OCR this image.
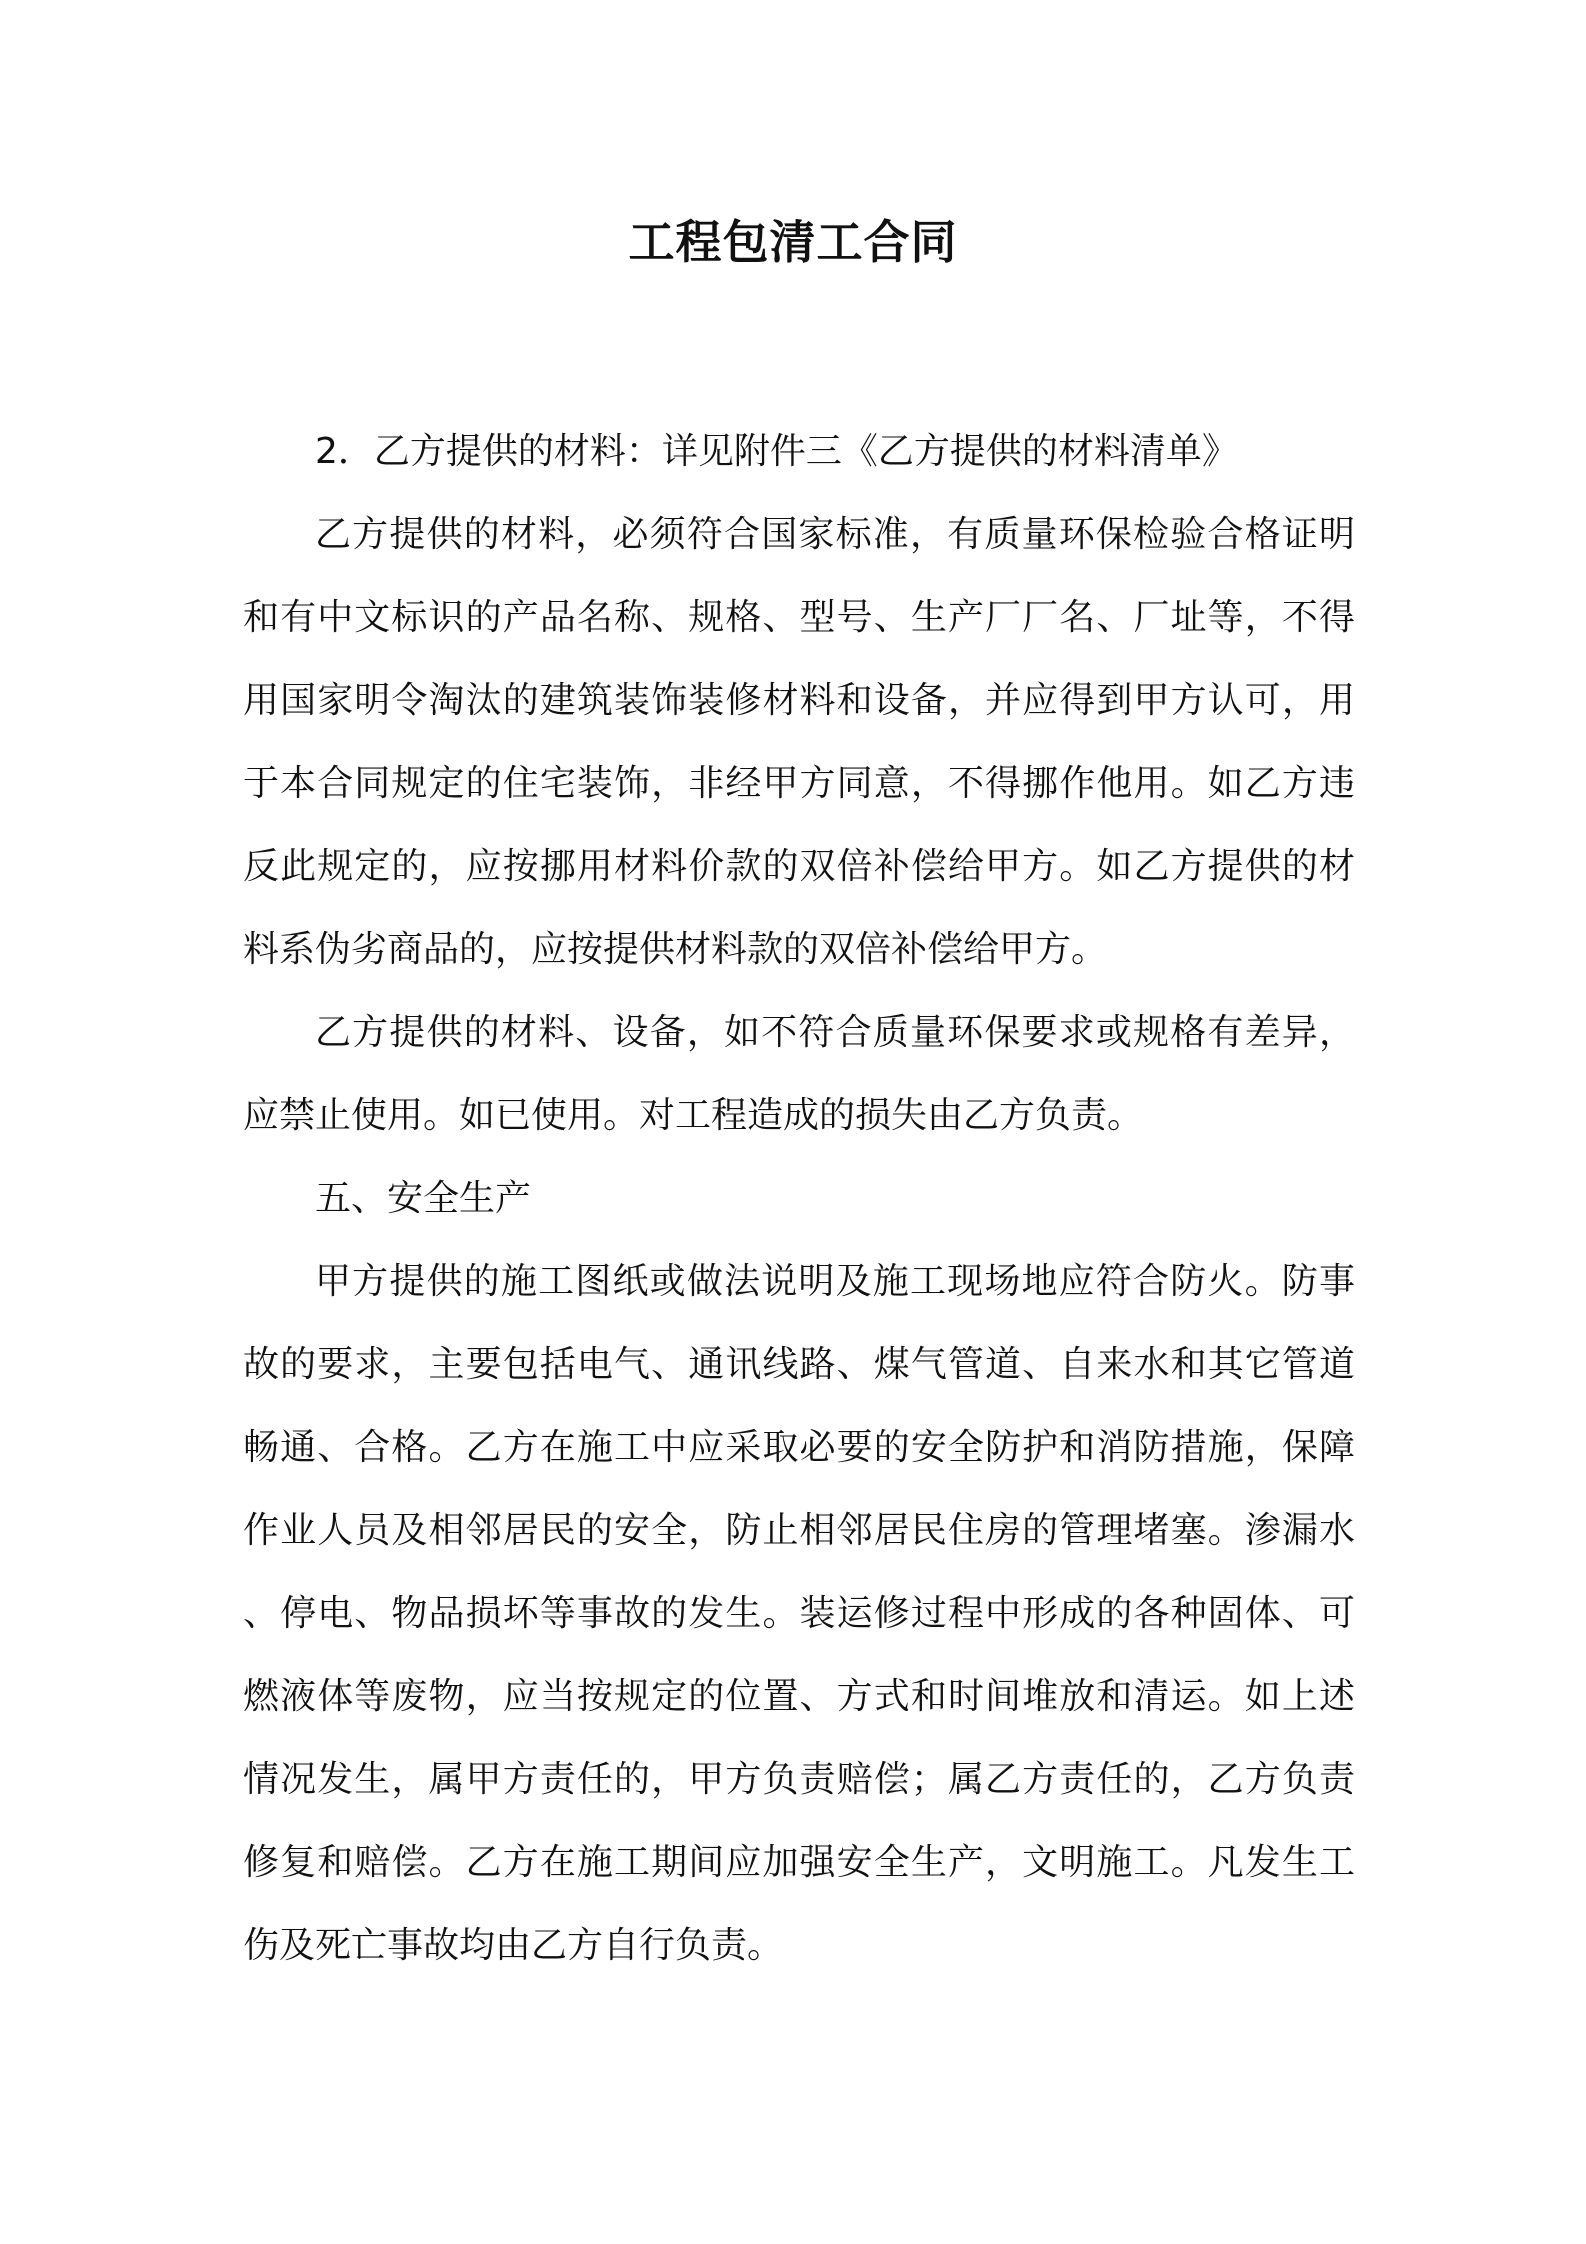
工程包清工合同

2．乙方提供的材料：详见附件三《乙方提供的材料清单》

乙方提供的材料，必须符合国家标准，有质量环保检验合格证明和有中文标识的产品名称、规格、型号、生产厂厂名、厂址等，不得用国家明令淘汰的建筑装饰装修材料和设备，并应得到甲方认可，用于本合同规定的住宅装饰，非经甲方同意，不得挪作他用。如乙方违反此规定的，应按挪用材料价款的双倍补偿给甲方。如乙方提供的材料系伪劣商品的，应按提供材料款的双倍补偿给甲方。

乙方提供的材料、设备，如不符合质量环保要求或规格有差异，应禁止使用。如已使用。对工程造成的损失由乙方负责。

五、安全生产

甲方提供的施工图纸或做法说明及施工现场地应符合防火。防事故的要求，主要包括电气、通讯线路、煤气管道、自来水和其它管道畅通、合格。乙方在施工中应采取必要的安全防护和消防措施，保障作业人员及相邻居民的安全，防止相邻居民住房的管理堵塞。渗漏水、停电、物品损坏等事故的发生。装运修过程中形成的各种固体、可燃液体等废物，应当按规定的位置、方式和时间堆放和清运。如上述情况发生，属甲方责任的，甲方负责赔偿；属乙方责任的，乙方负责修复和赔偿。乙方在施工期间应加强安全生产，文明施工。凡发生工伤及死亡事故均由乙方自行负责。
